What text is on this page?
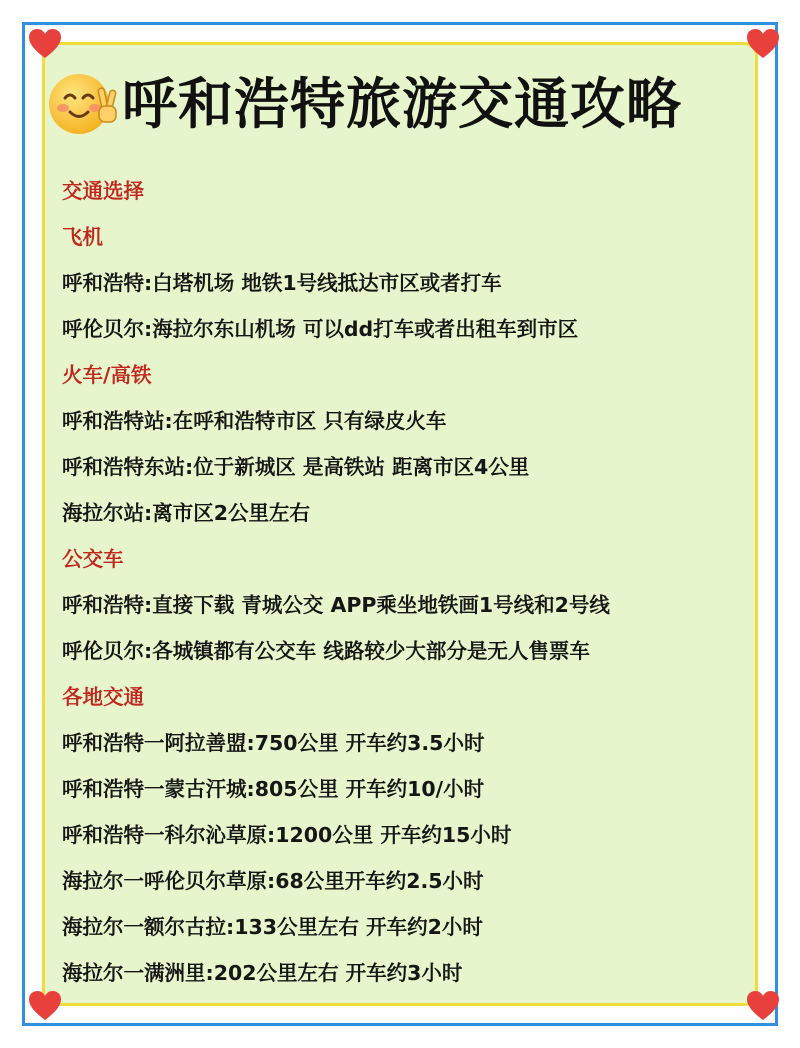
呼和浩特旅游交通攻略
交通选择
飞机
呼和浩特:白塔机场 地铁1号线抵达市区或者打车
呼伦贝尔:海拉尔东山机场 可以dd打车或者出租车到市区
火车/高铁
呼和浩特站:在呼和浩特市区 只有绿皮火车
呼和浩特东站:位于新城区 是高铁站 距离市区4公里
海拉尔站:离市区2公里左右
公交车
呼和浩特:直接下载 青城公交 APP乘坐地铁画1号线和2号线
呼伦贝尔:各城镇都有公交车 线路较少大部分是无人售票车
各地交通
呼和浩特一阿拉善盟:750公里 开车约3.5小时
呼和浩特一蒙古汗城:805公里 开车约10/小时
呼和浩特一科尔沁草原:1200公里 开车约15小时
海拉尔一呼伦贝尔草原:68公里开车约2.5小时
海拉尔一额尔古拉:133公里左右 开车约2小时
海拉尔一满洲里:202公里左右 开车约3小时
